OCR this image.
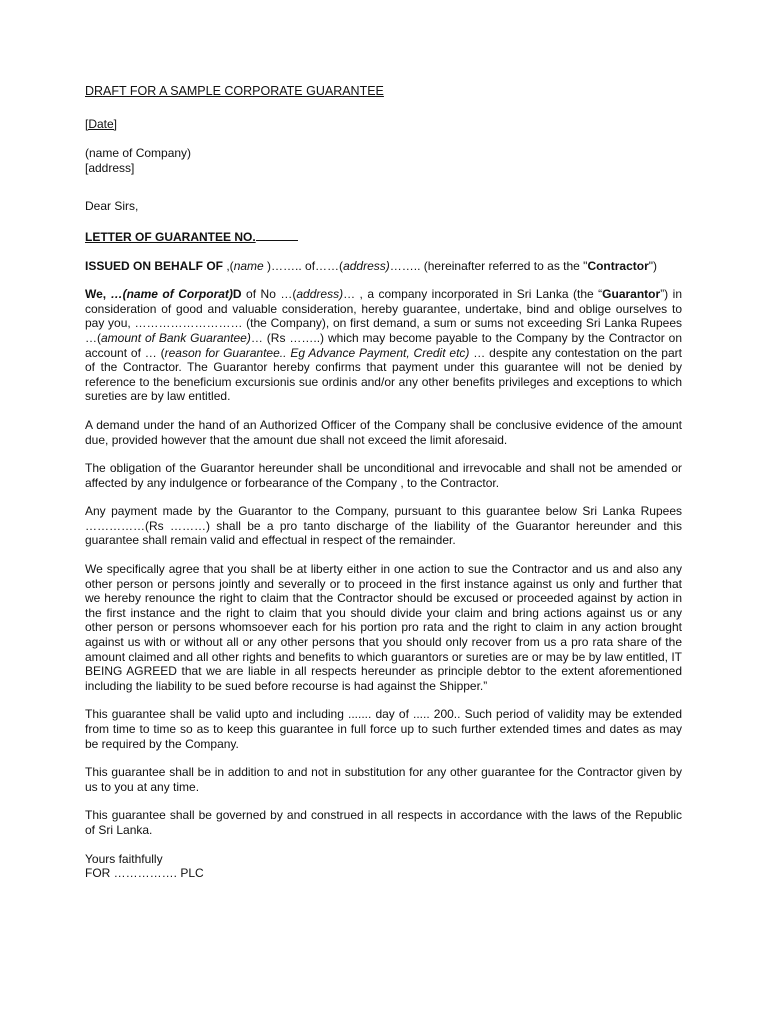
DRAFT FOR A SAMPLE CORPORATE GUARANTEE
[Date]
(name of Company)
[address]
Dear Sirs,
LETTER OF GUARANTEE NO.
ISSUED ON BEHALF OF ,(name )…….. of……(address)…….. (hereinafter referred to as the "Contractor")
We, …(name of Corporat)D of No …(address)… , a company incorporated in Sri Lanka (the “Guarantor”) in consideration of good and valuable consideration, hereby guarantee, undertake, bind and oblige ourselves to pay you, ……………………… (the Company), on first demand, a sum or sums not exceeding Sri Lanka Rupees …(amount of Bank Guarantee)… (Rs ……..) which may become payable to the Company by the Contractor on account of … (reason for Guarantee.. Eg Advance Payment, Credit etc) … despite any contestation on the part of the Contractor. The Guarantor hereby confirms that payment under this guarantee will not be denied by reference to the beneficium excursionis sue ordinis and/or any other benefits privileges and exceptions to which sureties are by law entitled.
A demand under the hand of an Authorized Officer of the Company shall be conclusive evidence of the amount due, provided however that the amount due shall not exceed the limit aforesaid.
The obligation of the Guarantor hereunder shall be unconditional and irrevocable and shall not be amended or affected by any indulgence or forbearance of the Company , to the Contractor.
Any payment made by the Guarantor to the Company, pursuant to this guarantee below Sri Lanka Rupees ……………(Rs ………) shall be a pro tanto discharge of the liability of the Guarantor hereunder and this guarantee shall remain valid and effectual in respect of the remainder.
We specifically agree that you shall be at liberty either in one action to sue the Contractor and us and also any other person or persons jointly and severally or to proceed in the first instance against us only and further that we hereby renounce the right to claim that the Contractor should be excused or proceeded against by action in the first instance and the right to claim that you should divide your claim and bring actions against us or any other person or persons whomsoever each for his portion pro rata and the right to claim in any action brought against us with or without all or any other persons that you should only recover from us a pro rata share of the amount claimed and all other rights and benefits to which guarantors or sureties are or may be by law entitled, IT BEING AGREED that we are liable in all respects hereunder as principle debtor to the extent aforementioned including the liability to be sued before recourse is had against the Shipper.”
This guarantee shall be valid upto and including ....... day of ..... 200.. Such period of validity may be extended from time to time so as to keep this guarantee in full force up to such further extended times and dates as may be required by the Company.
This guarantee shall be in addition to and not in substitution for any other guarantee for the Contractor given by us to you at any time.
This guarantee shall be governed by and construed in all respects in accordance with the laws of the Republic of Sri Lanka.
Yours faithfully
FOR ……………. PLC
